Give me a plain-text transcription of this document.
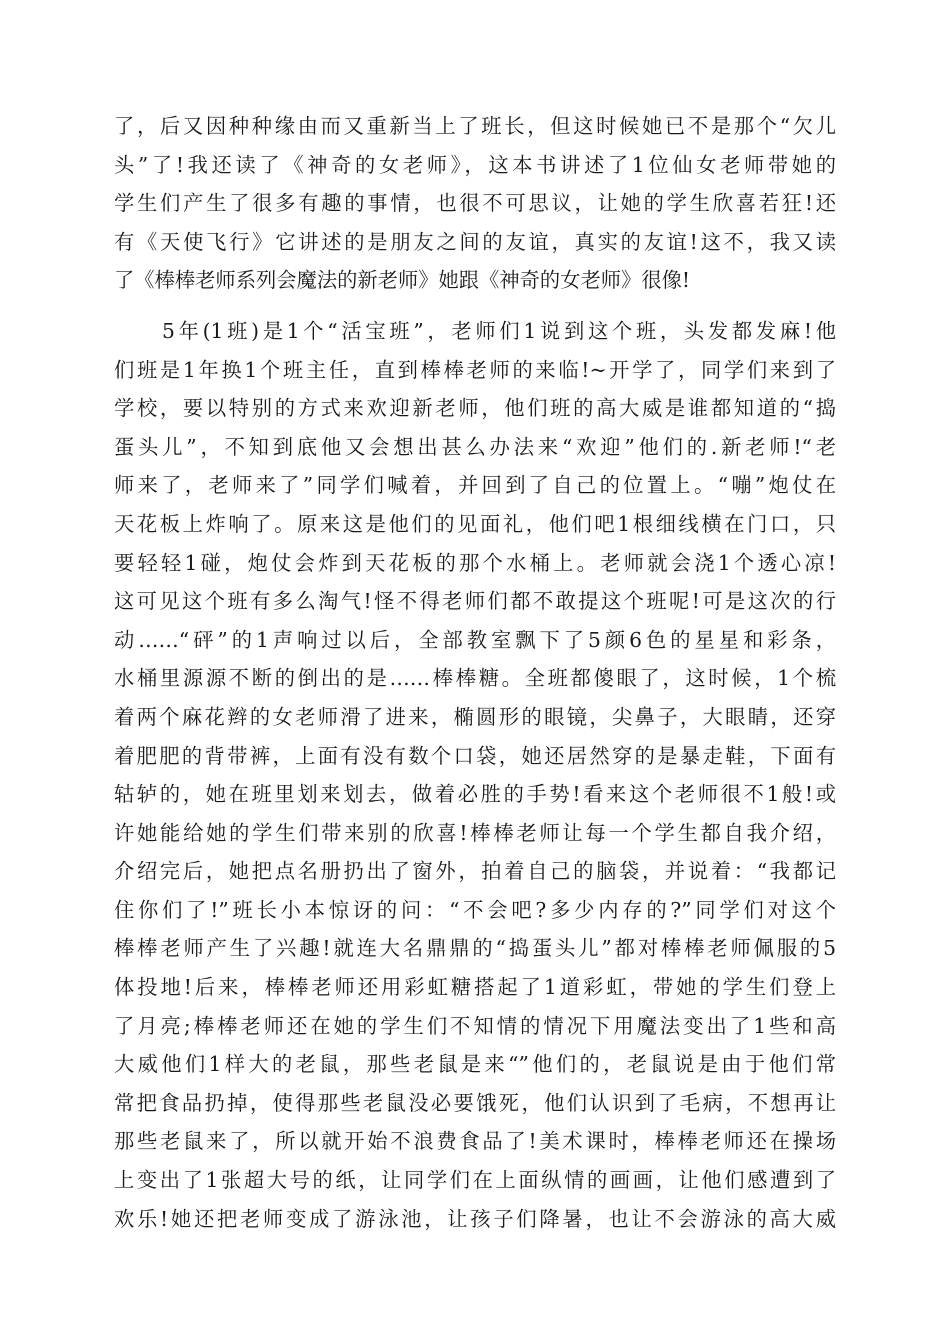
了，后又因种种缘由而又重新当上了班长，但这时候她已不是那个“欠儿
头”了!我还读了《神奇的女老师》，这本书讲述了1位仙女老师带她的
学生们产生了很多有趣的事情，也很不可思议，让她的学生欣喜若狂!还
有《天使飞行》它讲述的是朋友之间的友谊，真实的友谊!这不，我又读
了《棒棒老师系列会魔法的新老师》她跟《神奇的女老师》很像!
　　5年(1班)是1个“活宝班”，老师们1说到这个班，头发都发麻!他
们班是1年换1个班主任，直到棒棒老师的来临!~开学了，同学们来到了
学校，要以特别的方式来欢迎新老师，他们班的高大威是谁都知道的“捣
蛋头儿”，不知到底他又会想出甚么办法来“欢迎”他们的.新老师!“老
师来了，老师来了”同学们喊着，并回到了自己的位置上。“嘣”炮仗在
天花板上炸响了。原来这是他们的见面礼，他们吧1根细线横在门口，只
要轻轻1碰，炮仗会炸到天花板的那个水桶上。老师就会浇1个透心凉!
这可见这个班有多么淘气!怪不得老师们都不敢提这个班呢!可是这次的行
动……“砰”的1声响过以后，全部教室飘下了5颜6色的星星和彩条，
水桶里源源不断的倒出的是……棒棒糖。全班都傻眼了，这时候，1个梳
着两个麻花辫的女老师滑了进来，椭圆形的眼镜，尖鼻子，大眼睛，还穿
着肥肥的背带裤，上面有没有数个口袋，她还居然穿的是暴走鞋，下面有
轱轳的，她在班里划来划去，做着必胜的手势!看来这个老师很不1般!或
许她能给她的学生们带来别的欣喜!棒棒老师让每一个学生都自我介绍，
介绍完后，她把点名册扔出了窗外，拍着自己的脑袋，并说着：“我都记
住你们了!”班长小本惊讶的问：“不会吧?多少内存的?”同学们对这个
棒棒老师产生了兴趣!就连大名鼎鼎的“捣蛋头儿”都对棒棒老师佩服的5
体投地!后来，棒棒老师还用彩虹糖搭起了1道彩虹，带她的学生们登上
了月亮;棒棒老师还在她的学生们不知情的情况下用魔法变出了1些和高
大威他们1样大的老鼠，那些老鼠是来“”他们的，老鼠说是由于他们常
常把食品扔掉，使得那些老鼠没必要饿死，他们认识到了毛病，不想再让
那些老鼠来了，所以就开始不浪费食品了!美术课时，棒棒老师还在操场
上变出了1张超大号的纸，让同学们在上面纵情的画画，让他们感遭到了
欢乐!她还把老师变成了游泳池，让孩子们降暑，也让不会游泳的高大威
